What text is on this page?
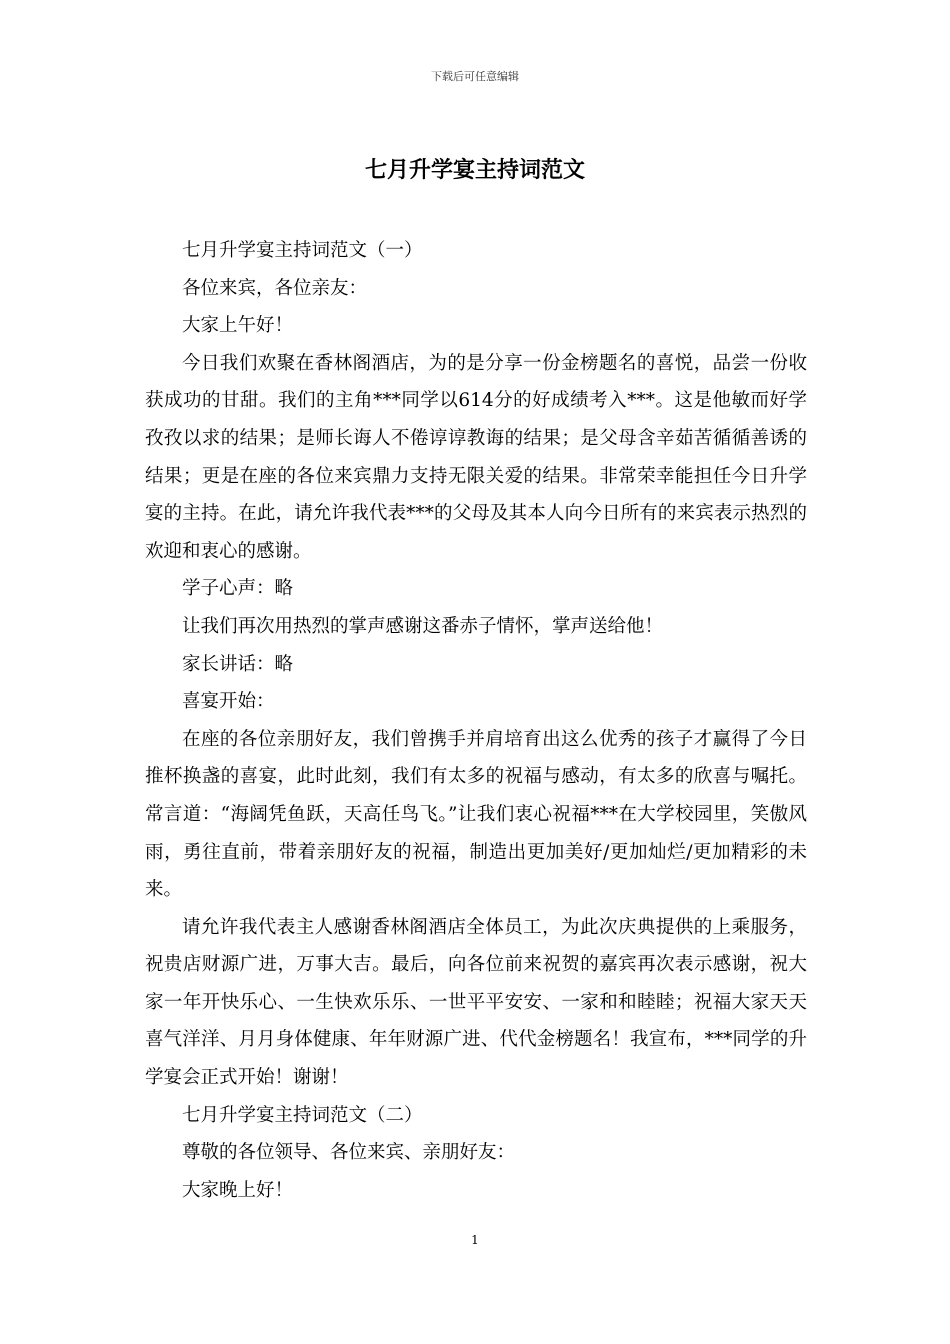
下载后可任意编辑
七月升学宴主持词范文

七月升学宴主持词范文（一）

各位来宾，各位亲友：

大家上午好！

今日我们欢聚在香林阁酒店，为的是分享一份金榜题名的喜悦，品尝一份收获成功的甘甜。我们的主角***同学以614分的好成绩考入***。这是他敏而好学孜孜以求的结果；是师长诲人不倦谆谆教诲的结果；是父母含辛茹苦循循善诱的结果；更是在座的各位来宾鼎力支持无限关爱的结果。非常荣幸能担任今日升学宴的主持。在此，请允许我代表***的父母及其本人向今日所有的来宾表示热烈的欢迎和衷心的感谢。

学子心声：略

让我们再次用热烈的掌声感谢这番赤子情怀，掌声送给他！

家长讲话：略

喜宴开始：

在座的各位亲朋好友，我们曾携手并肩培育出这么优秀的孩子才赢得了今日推杯换盏的喜宴，此时此刻，我们有太多的祝福与感动，有太多的欣喜与嘱托。常言道：“海阔凭鱼跃，天高任鸟飞。”让我们衷心祝福***在大学校园里，笑傲风雨，勇往直前，带着亲朋好友的祝福，制造出更加美好/更加灿烂/更加精彩的未来。

请允许我代表主人感谢香林阁酒店全体员工，为此次庆典提供的上乘服务，祝贵店财源广进，万事大吉。最后，向各位前来祝贺的嘉宾再次表示感谢，祝大家一年开快乐心、一生快欢乐乐、一世平平安安、一家和和睦睦；祝福大家天天喜气洋洋、月月身体健康、年年财源广进、代代金榜题名！我宣布，***同学的升学宴会正式开始！谢谢！

七月升学宴主持词范文（二）

尊敬的各位领导、各位来宾、亲朋好友：

大家晚上好！

1
